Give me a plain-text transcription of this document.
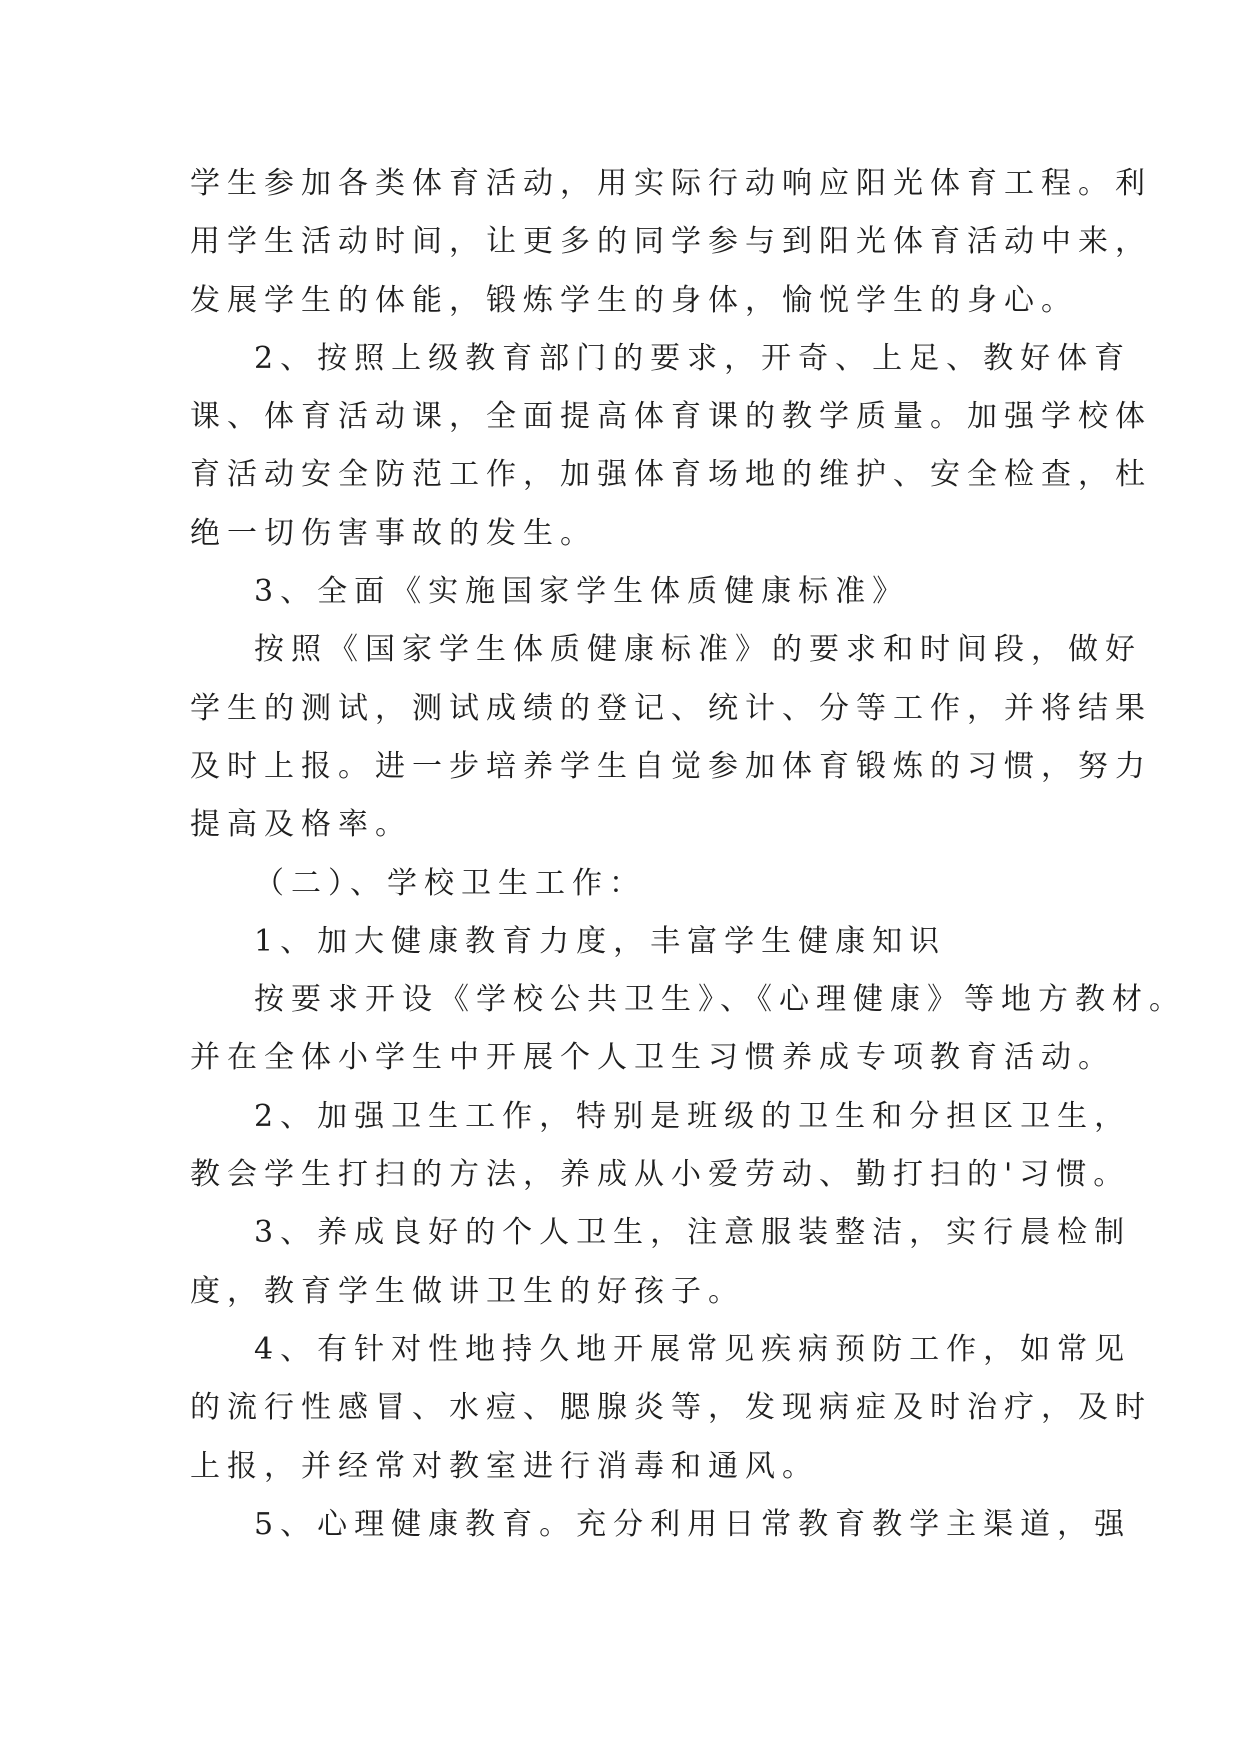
学生参加各类体育活动，用实际行动响应阳光体育工程。利
用学生活动时间，让更多的同学参与到阳光体育活动中来，
发展学生的体能，锻炼学生的身体，愉悦学生的身心。
2、按照上级教育部门的要求，开奇、上足、教好体育
课、体育活动课，全面提高体育课的教学质量。加强学校体
育活动安全防范工作，加强体育场地的维护、安全检查，杜
绝一切伤害事故的发生。
3、全面《实施国家学生体质健康标准》
按照《国家学生体质健康标准》的要求和时间段，做好
学生的测试，测试成绩的登记、统计、分等工作，并将结果
及时上报。进一步培养学生自觉参加体育锻炼的习惯，努力
提高及格率。
（二）、学校卫生工作：
1、加大健康教育力度，丰富学生健康知识
按要求开设《学校公共卫生》、《心理健康》等地方教材。
并在全体小学生中开展个人卫生习惯养成专项教育活动。
2、加强卫生工作，特别是班级的卫生和分担区卫生，
教会学生打扫的方法，养成从小爱劳动、勤打扫的'习惯。
3、养成良好的个人卫生，注意服装整洁，实行晨检制
度，教育学生做讲卫生的好孩子。
4、有针对性地持久地开展常见疾病预防工作，如常见
的流行性感冒、水痘、腮腺炎等，发现病症及时治疗，及时
上报，并经常对教室进行消毒和通风。
5、心理健康教育。充分利用日常教育教学主渠道，强
